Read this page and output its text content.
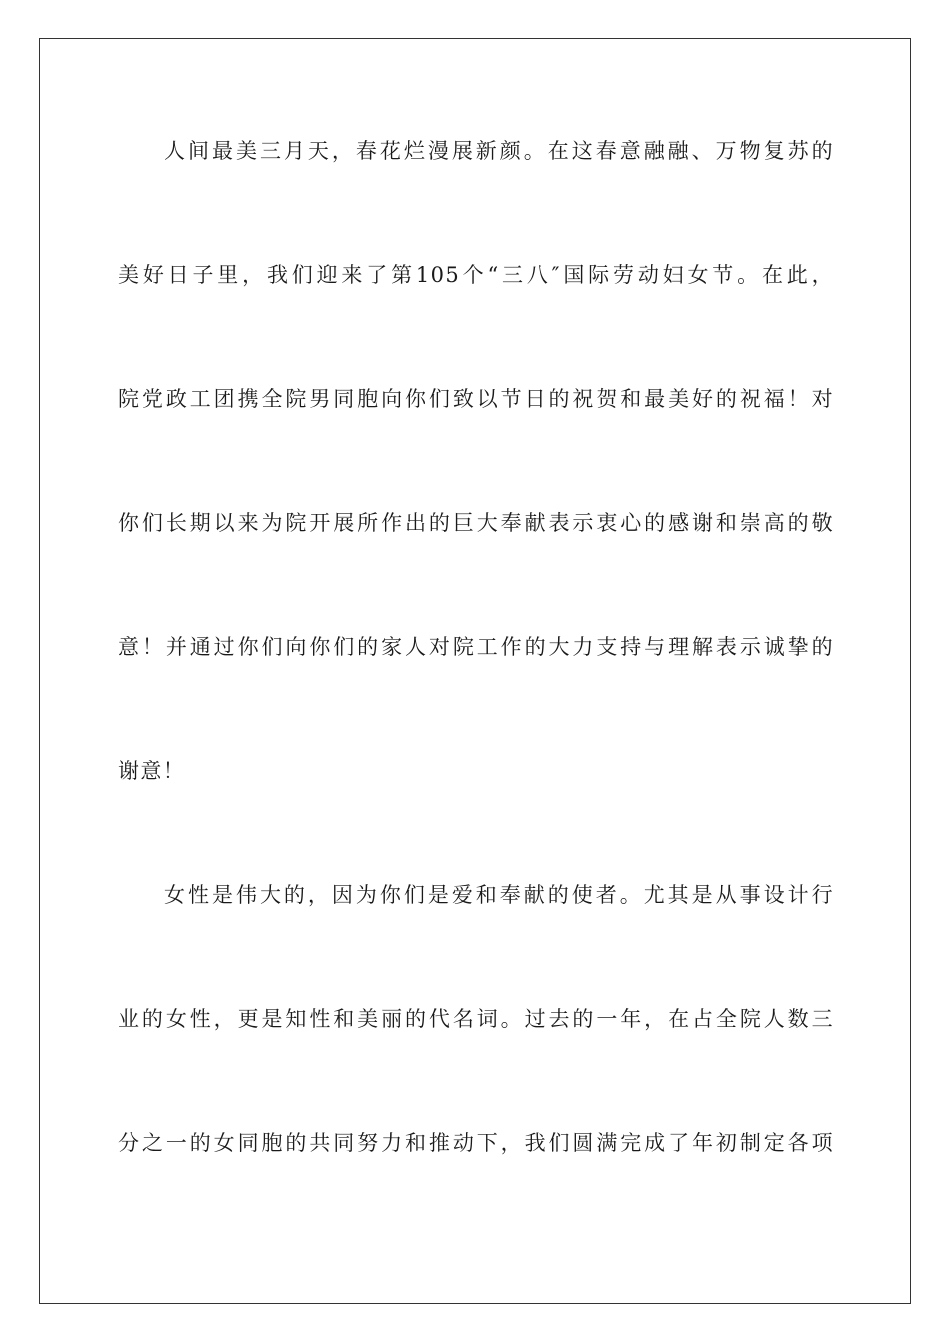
人间最美三月天，春花烂漫展新颜。在这春意融融、万物复苏的
美好日子里，我们迎来了第105个“三八″国际劳动妇女节。在此，
院党政工团携全院男同胞向你们致以节日的祝贺和最美好的祝福！对
你们长期以来为院开展所作出的巨大奉献表示衷心的感谢和崇高的敬
意！并通过你们向你们的家人对院工作的大力支持与理解表示诚挚的
谢意！
女性是伟大的，因为你们是爱和奉献的使者。尤其是从事设计行
业的女性，更是知性和美丽的代名词。过去的一年，在占全院人数三
分之一的女同胞的共同努力和推动下，我们圆满完成了年初制定各项
